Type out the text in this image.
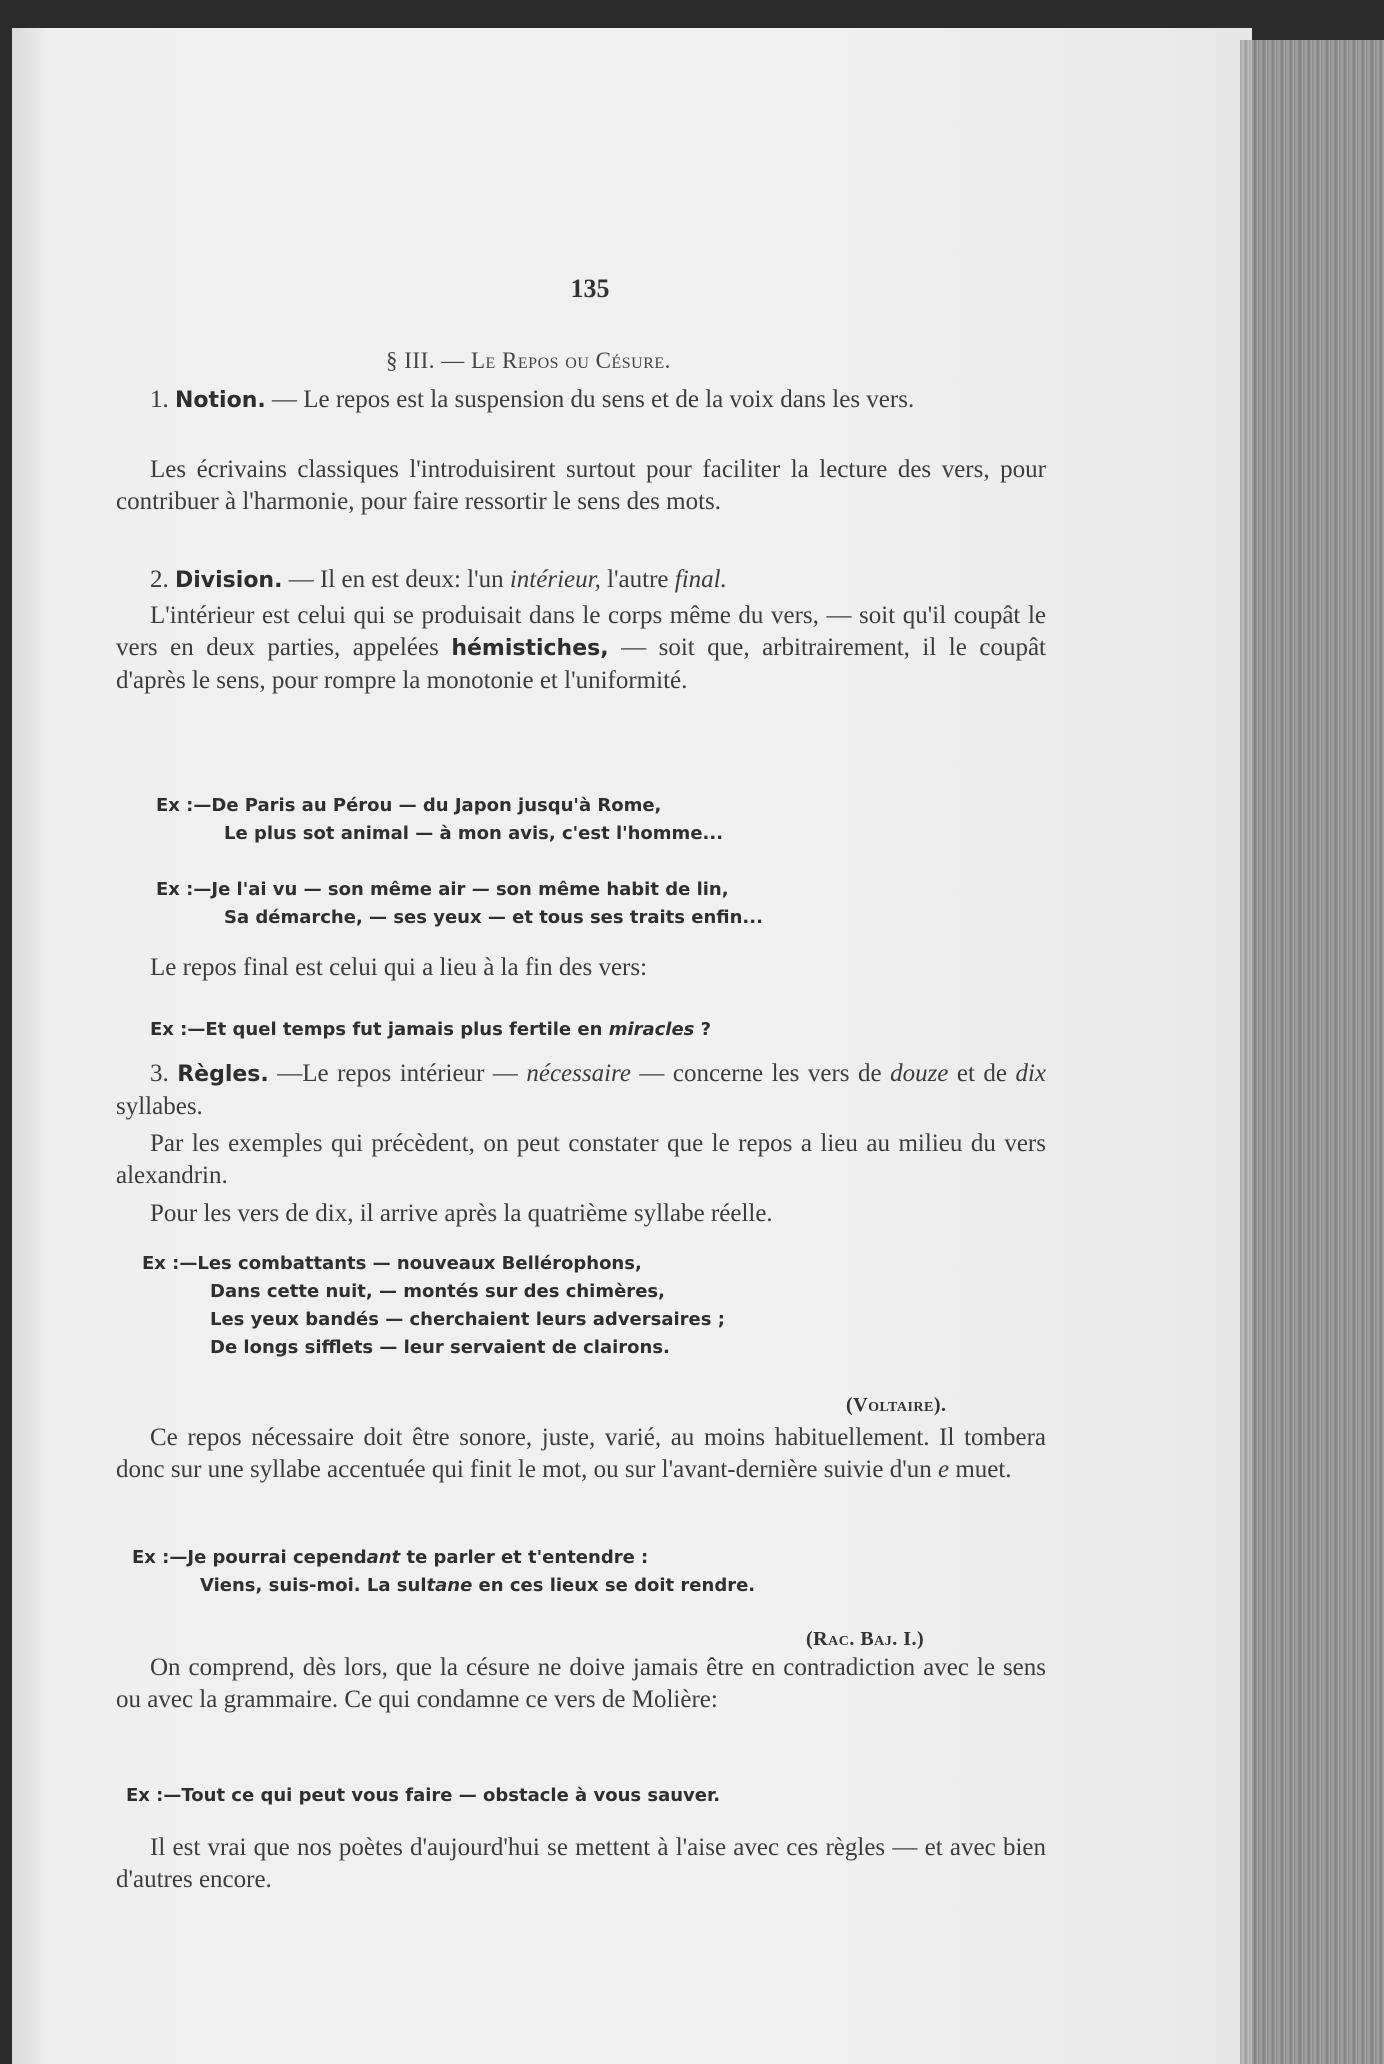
135
§ III. — Le Repos ou Césure.

1. Notion. — Le repos est la suspension du sens et de la voix dans les vers.

Les écrivains classiques l'introduisirent surtout pour faciliter la lecture des vers, pour contribuer à l'harmonie, pour faire ressortir le sens des mots.

2. Division. — Il en est deux: l'un intérieur, l'autre final.

L'intérieur est celui qui se produisait dans le corps même du vers, — soit qu'il coupât le vers en deux parties, appelées hémistiches, — soit que, arbitrairement, il le coupât d'après le sens, pour rompre la monotonie et l'uniformité.

Ex :—De Paris au Pérou — du Japon jusqu'à Rome,
Le plus sot animal — à mon avis, c'est l'homme...

Ex :—Je l'ai vu — son même air — son même habit de lin,
Sa démarche, — ses yeux — et tous ses traits enfin...

Le repos final est celui qui a lieu à la fin des vers:

Ex :—Et quel temps fut jamais plus fertile en miracles ?

3. Règles. —Le repos intérieur — nécessaire — concerne les vers de douze et de dix syllabes.

Par les exemples qui précèdent, on peut constater que le repos a lieu au milieu du vers alexandrin.

Pour les vers de dix, il arrive après la quatrième syllabe réelle.

Ex :—Les combattants — nouveaux Bellérophons,
Dans cette nuit, — montés sur des chimères,
Les yeux bandés — cherchaient leurs adversaires ;
De longs sifflets — leur servaient de clairons.

(Voltaire).

Ce repos nécessaire doit être sonore, juste, varié, au moins habituellement. Il tombera donc sur une syllabe accentuée qui finit le mot, ou sur l'avant-dernière suivie d'un e muet.

Ex :—Je pourrai cependant te parler et t'entendre :
Viens, suis-moi. La sultane en ces lieux se doit rendre.

(Rac. Baj. I.)

On comprend, dès lors, que la césure ne doive jamais être en contradiction avec le sens ou avec la grammaire. Ce qui condamne ce vers de Molière:

Ex :—Tout ce qui peut vous faire — obstacle à vous sauver.

Il est vrai que nos poètes d'aujourd'hui se mettent à l'aise avec ces règles — et avec bien d'autres encore.
